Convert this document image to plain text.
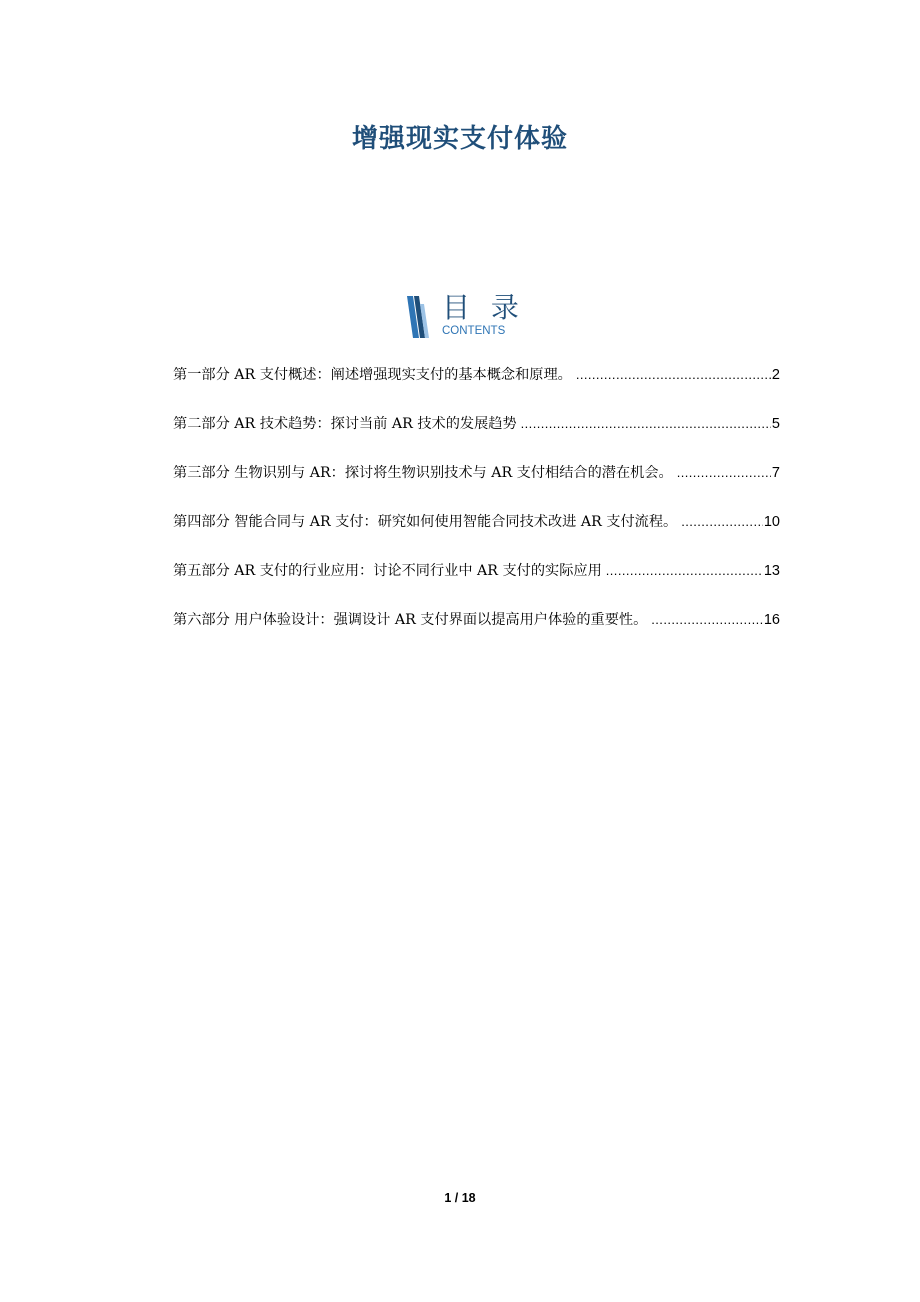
增强现实支付体验
目 录
CONTENTS
第一部分 AR 支付概述：阐述增强现实支付的基本概念和原理。 .....	2
第二部分 AR 技术趋势：探讨当前 AR 技术的发展趋势 .....	5
第三部分 生物识别与 AR：探讨将生物识别技术与 AR 支付相结合的潜在机会。 .....	7
第四部分 智能合同与 AR 支付：研究如何使用智能合同技术改进 AR 支付流程。 .....	10
第五部分 AR 支付的行业应用：讨论不同行业中 AR 支付的实际应用 .....	13
第六部分 用户体验设计：强调设计 AR 支付界面以提高用户体验的重要性。 .....	16
1 / 18
